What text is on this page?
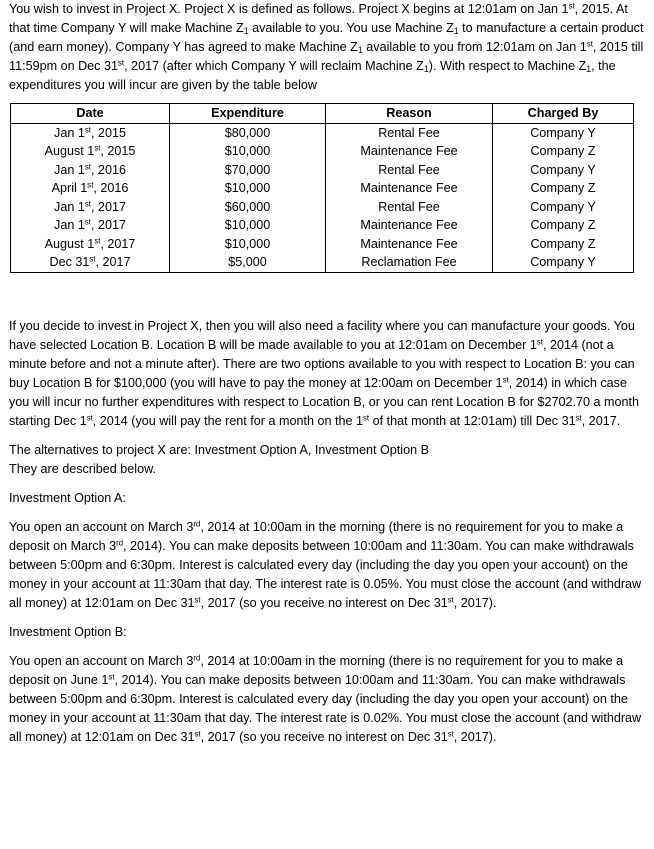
You wish to invest in Project X. Project X is defined as follows. Project X begins at 12:01am on Jan 1st, 2015. At that time Company Y will make Machine $Z_1$ available to you. You use Machine $Z_1$ to manufacture a certain product (and earn money). Company Y has agreed to make Machine $Z_1$ available to you from 12:01am on Jan 1st, 2015 till 11:59pm on Dec 31st, 2017 (after which Company Y will reclaim Machine $Z_1$). With respect to Machine $Z_1$, the expenditures you will incur are given by the table below

Date	Expenditure	Reason	Charged By
Jan 1st, 2015	$80,000	Rental Fee	Company Y
August 1st, 2015	$10,000	Maintenance Fee	Company Z
Jan 1st, 2016	$70,000	Rental Fee	Company Y
April 1st, 2016	$10,000	Maintenance Fee	Company Z
Jan 1st, 2017	$60,000	Rental Fee	Company Y
Jan 1st, 2017	$10,000	Maintenance Fee	Company Z
August 1st, 2017	$10,000	Maintenance Fee	Company Z
Dec 31st, 2017	$5,000	Reclamation Fee	Company Y

If you decide to invest in Project X, then you will also need a facility where you can manufacture your goods. You have selected Location B. Location B will be made available to you at 12:01am on December 1st, 2014 (not a minute before and not a minute after). There are two options available to you with respect to Location B: you can buy Location B for $100,000 (you will have to pay the money at 12:00am on December 1st, 2014) in which case you will incur no further expenditures with respect to Location B, or you can rent Location B for $2702.70 a month starting Dec 1st, 2014 (you will pay the rent for a month on the 1st of that month at 12:01am) till Dec 31st, 2017.

The alternatives to project X are: Investment Option A, Investment Option B

They are described below.

Investment Option A:

You open an account on March 3rd, 2014 at 10:00am in the morning (there is no requirement for you to make a deposit on March 3rd, 2014). You can make deposits between 10:00am and 11:30am. You can make withdrawals between 5:00pm and 6:30pm. Interest is calculated every day (including the day you open your account) on the money in your account at 11:30am that day. The interest rate is 0.05%. You must close the account (and withdraw all money) at 12:01am on Dec 31st, 2017 (so you receive no interest on Dec 31st, 2017).

Investment Option B:

You open an account on March 3rd, 2014 at 10:00am in the morning (there is no requirement for you to make a deposit on June 1st, 2014). You can make deposits between 10:00am and 11:30am. You can make withdrawals between 5:00pm and 6:30pm. Interest is calculated every day (including the day you open your account) on the money in your account at 11:30am that day. The interest rate is 0.02%. You must close the account (and withdraw all money) at 12:01am on Dec 31st, 2017 (so you receive no interest on Dec 31st, 2017).
